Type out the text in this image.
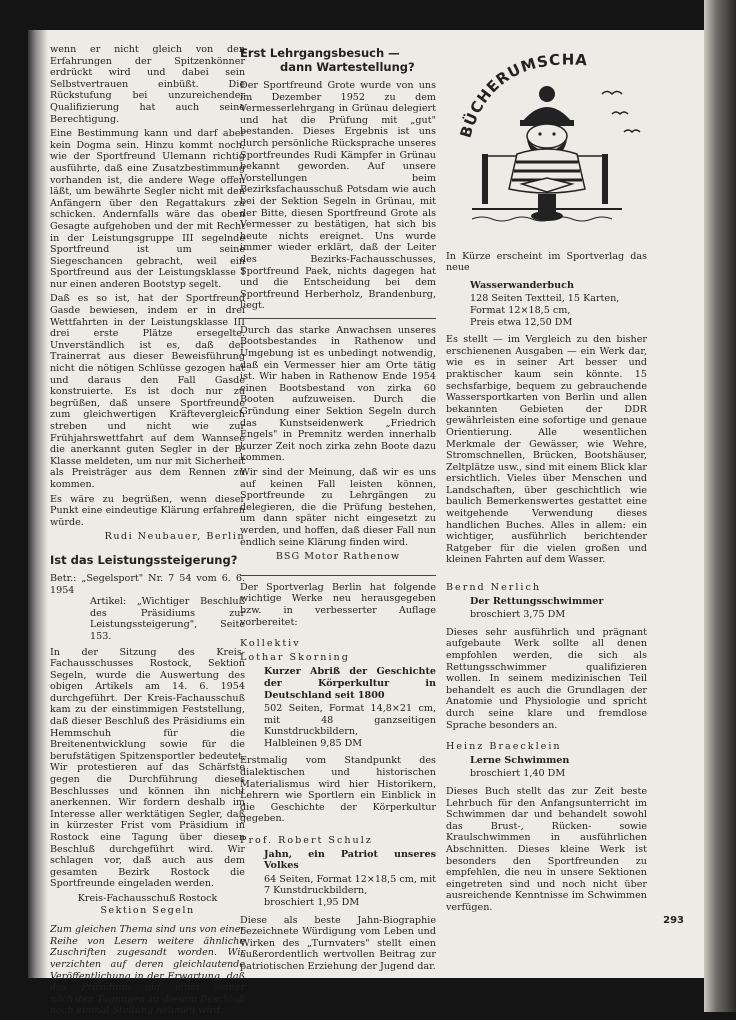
wenn er nicht gleich von den Erfahrungen der Spitzenkönner erdrückt wird und dabei sein Selbstvertrauen einbüßt. Die Rückstufung bei unzureichender Qualifizierung hat auch seine Berechtigung.

Eine Bestimmung kann und darf aber kein Dogma sein. Hinzu kommt noch, wie der Sportfreund Ulemann richtig ausführte, daß eine Zusatzbestimmung vorhanden ist, die andere Wege offen läßt, um bewährte Segler nicht mit den Anfängern über den Regattakurs zu schicken. Andernfalls wäre das oben Gesagte aufgehoben und der mit Recht in der Leistungsgruppe III segelnde Sportfreund ist um seine Siegeschancen gebracht, weil ein Sportfreund aus der Leistungsklasse I nur einen anderen Bootstyp segelt.

Daß es so ist, hat der Sportfreund Gasde bewiesen, indem er in drei Wettfahrten in der Leistungsklasse III drei erste Plätze ersegelte. Unverständlich ist es, daß der Trainerrat aus dieser Beweisführung nicht die nötigen Schlüsse gezogen hat und daraus den Fall Gasde konstruierte. Es ist doch nur zu begrüßen, daß unsere Sportfreunde zum gleichwertigen Kräftevergleich streben und nicht wie zur Frühjahrswettfahrt auf dem Wannsee die anerkannt guten Segler in der B-Klasse meldeten, um nur mit Sicherheit als Preisträger aus dem Rennen zu kommen.

Es wäre zu begrüßen, wenn dieser Punkt eine eindeutige Klärung erfahren würde.

Rudi Neubauer, Berlin
Ist das Leistungssteigerung?
Betr.: „Segelsport" Nr. 7 54 vom 6. 6. 1954
Artikel: „Wichtiger Beschluß des Präsidiums zur Leistungssteigerung", Seite 153.

In der Sitzung des Kreis-Fachausschusses Rostock, Sektion Segeln, wurde die Auswertung des obigen Artikels am 14. 6. 1954 durchgeführt. Der Kreis-Fachausschuß kam zu der einstimmigen Feststellung, daß dieser Beschluß des Präsidiums ein Hemmschuh für die Breitenentwicklung sowie für die berufstätigen Spitzensportler bedeutet. Wir protestieren auf das Schärfste gegen die Durchführung dieses Beschlusses und können ihn nicht anerkennen. Wir fordern deshalb im Interesse aller werktätigen Segler, daß in kürzester Frist vom Präsidium in Rostock eine Tagung über diesen Beschluß durchgeführt wird. Wir schlagen vor, daß auch aus dem gesamten Bezirk Rostock die Sportfreunde eingeladen werden.

Kreis-Fachausschuß Rostock
Sektion Segeln

Zum gleichen Thema sind uns von einer Reihe von Lesern weitere ähnliche Zuschriften zugesandt worden. Wir verzichten auf deren gleichlautende Veröffentlichung in der Erwartung, daß das Präsidium auf einer seiner nächsten Tagungen zu diesem Beschluß noch einmal Stellung nehmen wird.

Erst Lehrgangsbesuch —
dann Wartestellung?

Der Sportfreund Grote wurde von uns im Dezember 1952 zu dem Vermesserlehrgang in Grünau delegiert und hat die Prüfung mit „gut" bestanden. Dieses Ergebnis ist uns durch persönliche Rücksprache unseres Sportfreundes Rudi Kämpfer in Grünau bekannt geworden. Auf unsere Vorstellungen beim Bezirksfachausschuß Potsdam wie auch bei der Sektion Segeln in Grünau, mit der Bitte, diesen Sportfreund Grote als Vermesser zu bestätigen, hat sich bis heute nichts ereignet. Uns wurde immer wieder erklärt, daß der Leiter des Bezirks-Fachausschusses, Sportfreund Paek, nichts dagegen hat und die Entscheidung bei dem Sportfreund Herberholz, Brandenburg, liegt.

Durch das starke Anwachsen unseres Bootsbestandes in Rathenow und Umgebung ist es unbedingt notwendig, daß ein Vermesser hier am Orte tätig ist. Wir haben in Rathenow Ende 1954 einen Bootsbestand von zirka 60 Booten aufzuweisen. Durch die Gründung einer Sektion Segeln durch das Kunstseidenwerk „Friedrich Engels" in Premnitz werden innerhalb kurzer Zeit noch zirka zehn Boote dazu kommen.

Wir sind der Meinung, daß wir es uns auf keinen Fall leisten können, Sportfreunde zu Lehrgängen zu delegieren, die die Prüfung bestehen, um dann später nicht eingesetzt zu werden, und hoffen, daß dieser Fall nun endlich seine Klärung finden wird.

BSG Motor Rathenow

Der Sportverlag Berlin hat folgende wichtige Werke neu herausgegeben bzw. in verbesserter Auflage vorbereitet:

Kollektiv
Lothar Skorning
Kurzer Abriß der Geschichte der Körperkultur in Deutschland seit 1800
502 Seiten, Format 14,8×21 cm, mit 48 ganzseitigen Kunstdruckbildern,
Halbleinen 9,85 DM

Erstmalig vom Standpunkt des dialektischen und historischen Materialismus wird hier Historikern, Lehrern wie Sportlern ein Einblick in die Geschichte der Körperkultur gegeben.

Prof. Robert Schulz
Jahn, ein Patriot unseres Volkes
64 Seiten, Format 12×18,5 cm, mit 7 Kunstdruckbildern,
broschiert 1,95 DM

Diese als beste Jahn-Biographie bezeichnete Würdigung vom Leben und Wirken des „Turnvaters" stellt einen außerordentlich wertvollen Beitrag zur patriotischen Erziehung der Jugend dar.

BÜCHERUMSCHA

In Kürze erscheint im Sportverlag das neue

Wasserwanderbuch
128 Seiten Textteil, 15 Karten,
Format 12×18,5 cm,
Preis etwa 12,50 DM

Es stellt — im Vergleich zu den bisher erschienenen Ausgaben — ein Werk dar, wie es in seiner Art besser und praktischer kaum sein könnte. 15 sechsfarbige, bequem zu gebrauchende Wassersportkarten von Berlin und allen bekannten Gebieten der DDR gewährleisten eine sofortige und genaue Orientierung. Alle wesentlichen Merkmale der Gewässer, wie Wehre, Stromschnellen, Brücken, Bootshäuser, Zeltplätze usw., sind mit einem Blick klar ersichtlich. Vieles über Menschen und Landschaften, über geschichtlich wie baulich Bemerkenswertes gestattet eine weitgehende Verwendung dieses handlichen Buches. Alles in allem: ein wichtiger, ausführlich berichtender Ratgeber für die vielen großen und kleinen Fahrten auf dem Wasser.

Bernd Nerlich
Der Rettungsschwimmer
broschiert 3,75 DM

Dieses sehr ausführlich und prägnant aufgebaute Werk sollte all denen empfohlen werden, die sich als Rettungsschwimmer qualifizieren wollen. In seinem medizinischen Teil behandelt es auch die Grundlagen der Anatomie und Physiologie und spricht durch seine klare und fremdlose Sprache besonders an.

Heinz Braecklein
Lerne Schwimmen
broschiert 1,40 DM

Dieses Buch stellt das zur Zeit beste Lehrbuch für den Anfangsunterricht im Schwimmen dar und behandelt sowohl das Brust-, Rücken- sowie Kraulschwimmen in ausführlichen Abschnitten. Dieses kleine Werk ist besonders den Sportfreunden zu empfehlen, die neu in unsere Sektionen eingetreten sind und noch nicht über ausreichende Kenntnisse im Schwimmen verfügen.

293
